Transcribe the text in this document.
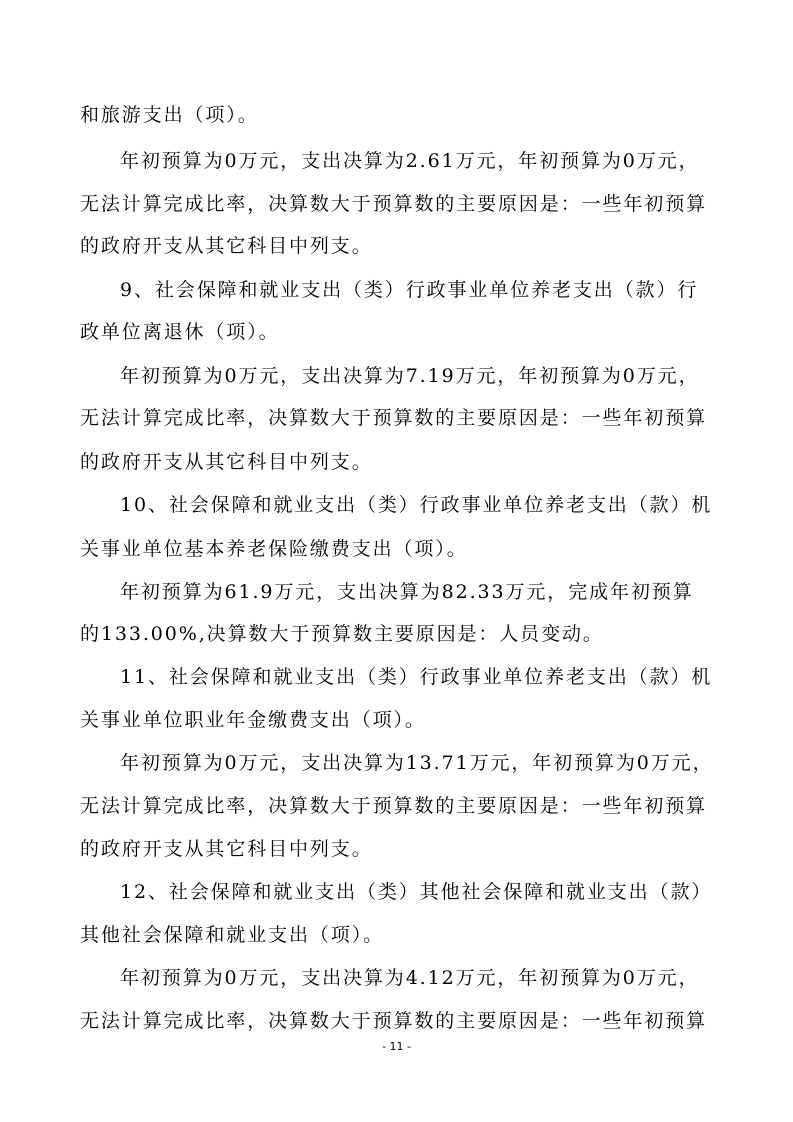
和旅游支出（项）。
年初预算为0万元，支出决算为2.61万元，年初预算为0万元，
无法计算完成比率，决算数大于预算数的主要原因是：一些年初预算
的政府开支从其它科目中列支。
9、社会保障和就业支出（类）行政事业单位养老支出（款）行
政单位离退休（项）。
年初预算为0万元，支出决算为7.19万元，年初预算为0万元，
无法计算完成比率，决算数大于预算数的主要原因是：一些年初预算
的政府开支从其它科目中列支。
10、社会保障和就业支出（类）行政事业单位养老支出（款）机
关事业单位基本养老保险缴费支出（项）。
年初预算为61.9万元，支出决算为82.33万元，完成年初预算
的133.00%,决算数大于预算数主要原因是：人员变动。
11、社会保障和就业支出（类）行政事业单位养老支出（款）机
关事业单位职业年金缴费支出（项）。
年初预算为0万元，支出决算为13.71万元，年初预算为0万元，
无法计算完成比率，决算数大于预算数的主要原因是：一些年初预算
的政府开支从其它科目中列支。
12、社会保障和就业支出（类）其他社会保障和就业支出（款）
其他社会保障和就业支出（项）。
年初预算为0万元，支出决算为4.12万元，年初预算为0万元，
无法计算完成比率，决算数大于预算数的主要原因是：一些年初预算
- 11 -
